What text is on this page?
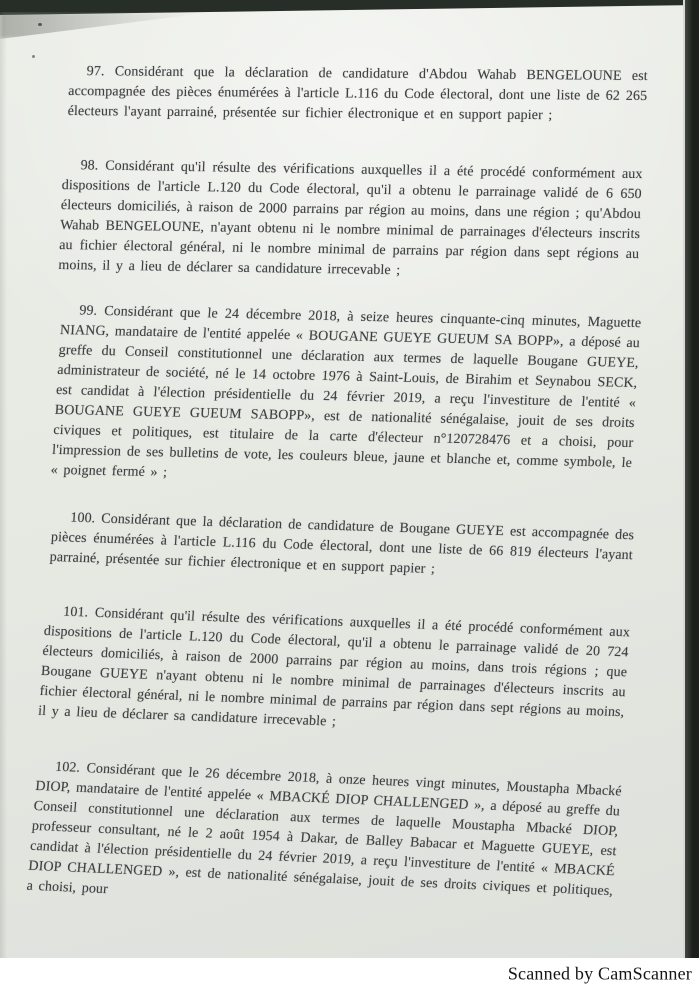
97. Considérant que la déclaration de candidature d'Abdou Wahab BENGELOUNE est accompagnée des pièces énumérées à l'article L.116 du Code électoral, dont une liste de 62 265 électeurs l'ayant parrainé, présentée sur fichier électronique et en support papier ;

98. Considérant qu'il résulte des vérifications auxquelles il a été procédé conformément aux dispositions de l'article L.120 du Code électoral, qu'il a obtenu le parrainage validé de 6 650 électeurs domiciliés, à raison de 2000 parrains par région au moins, dans une région ; qu'Abdou Wahab BENGELOUNE, n'ayant obtenu ni le nombre minimal de parrainages d'électeurs inscrits au fichier électoral général, ni le nombre minimal de parrains par région dans sept régions au moins, il y a lieu de déclarer sa candidature irrecevable ;

99. Considérant que le 24 décembre 2018, à seize heures cinquante-cinq minutes, Maguette NIANG, mandataire de l'entité appelée « BOUGANE GUEYE GUEUM SA BOPP», a déposé au greffe du Conseil constitutionnel une déclaration aux termes de laquelle Bougane GUEYE, administrateur de société, né le 14 octobre 1976 à Saint-Louis, de Birahim et Seynabou SECK, est candidat à l'élection présidentielle du 24 février 2019, a reçu l'investiture de l'entité « BOUGANE GUEYE GUEUM SABOPP», est de nationalité sénégalaise, jouit de ses droits civiques et politiques, est titulaire de la carte d'électeur n°120728476 et a choisi, pour l'impression de ses bulletins de vote, les couleurs bleue, jaune et blanche et, comme symbole, le « poignet fermé » ;

100. Considérant que la déclaration de candidature de Bougane GUEYE est accompagnée des pièces énumérées à l'article L.116 du Code électoral, dont une liste de 66 819 électeurs l'ayant parrainé, présentée sur fichier électronique et en support papier ;

101. Considérant qu'il résulte des vérifications auxquelles il a été procédé conformément aux dispositions de l'article L.120 du Code électoral, qu'il a obtenu le parrainage validé de 20 724 électeurs domiciliés, à raison de 2000 parrains par région au moins, dans trois régions ; que Bougane GUEYE n'ayant obtenu ni le nombre minimal de parrainages d'électeurs inscrits au fichier électoral général, ni le nombre minimal de parrains par région dans sept régions au moins, il y a lieu de déclarer sa candidature irrecevable ;

102. Considérant que le 26 décembre 2018, à onze heures vingt minutes, Moustapha Mbacké DIOP, mandataire de l'entité appelée « MBACKÉ DIOP CHALLENGED », a déposé au greffe du Conseil constitutionnel une déclaration aux termes de laquelle Moustapha Mbacké DIOP, professeur consultant, né le 2 août 1954 à Dakar, de Balley Babacar et Maguette GUEYE, est candidat à l'élection présidentielle du 24 février 2019, a reçu l'investiture de l'entité « MBACKÉ DIOP CHALLENGED », est de nationalité sénégalaise, jouit de ses droits civiques et politiques, a choisi, pour

Scanned by CamScanner
